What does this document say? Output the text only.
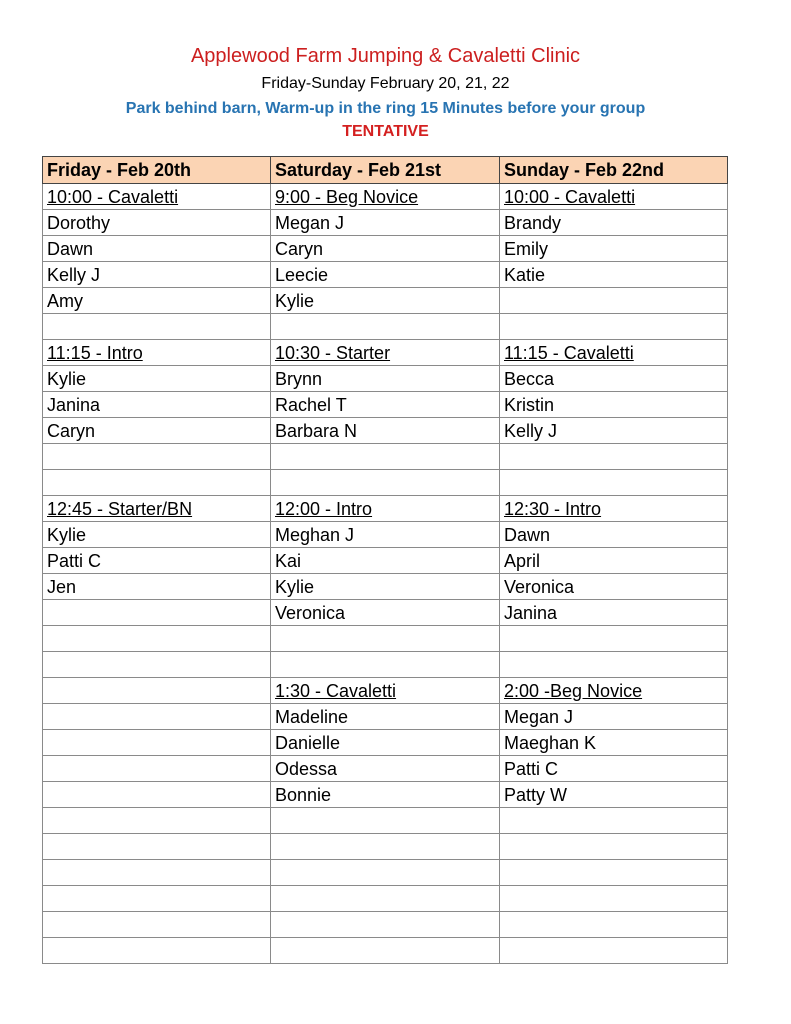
Applewood Farm Jumping & Cavaletti Clinic
Friday-Sunday February 20, 21, 22
Park behind barn, Warm-up in the ring 15 Minutes before your group
TENTATIVE
Friday - Feb 20th	Saturday - Feb 21st	Sunday - Feb 22nd
10:00 - Cavaletti	9:00 - Beg Novice	10:00 - Cavaletti
Dorothy	Megan J	Brandy
Dawn	Caryn	Emily
Kelly J	Leecie	Katie
Amy	Kylie	

11:15 - Intro	10:30 - Starter	11:15 - Cavaletti
Kylie	Brynn	Becca
Janina	Rachel T	Kristin
Caryn	Barbara N	Kelly J

12:45 - Starter/BN	12:00 - Intro	12:30 - Intro
Kylie	Meghan J	Dawn
Patti C	Kai	April
Jen	Kylie	Veronica
	Veronica	Janina

	1:30 - Cavaletti	2:00 -Beg Novice
	Madeline	Megan J
	Danielle	Maeghan K
	Odessa	Patti C
	Bonnie	Patty W
